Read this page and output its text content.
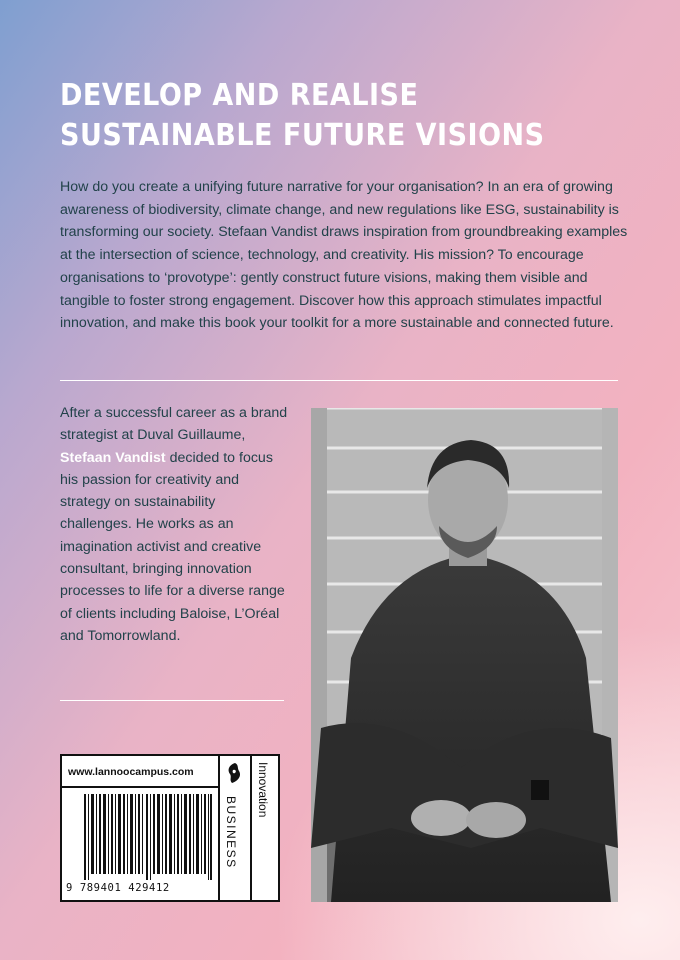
DEVELOP AND REALISE
SUSTAINABLE FUTURE VISIONS

How do you create a unifying future narrative for your organisation? In an era of growing awareness of biodiversity, climate change, and new regulations like ESG, sustainability is transforming our society. Stefaan Vandist draws inspiration from groundbreaking examples at the intersection of science, technology, and creativity. His mission? To encourage organisations to ‘provotype’: gently construct future visions, making them visible and tangible to foster strong engagement. Discover how this approach stimulates impactful innovation, and make this book your toolkit for a more sustainable and connected future.

After a successful career as a brand strategist at Duval Guillaume, Stefaan Vandist decided to focus his passion for creativity and strategy on sustainability challenges. He works as an imagination activist and creative consultant, bringing innovation processes to life for a diverse range of clients including Baloise, L’Oréal and Tomorrowland.

www.lannoocampus.com
9 789401 429412
BUSINESS
Innovation
